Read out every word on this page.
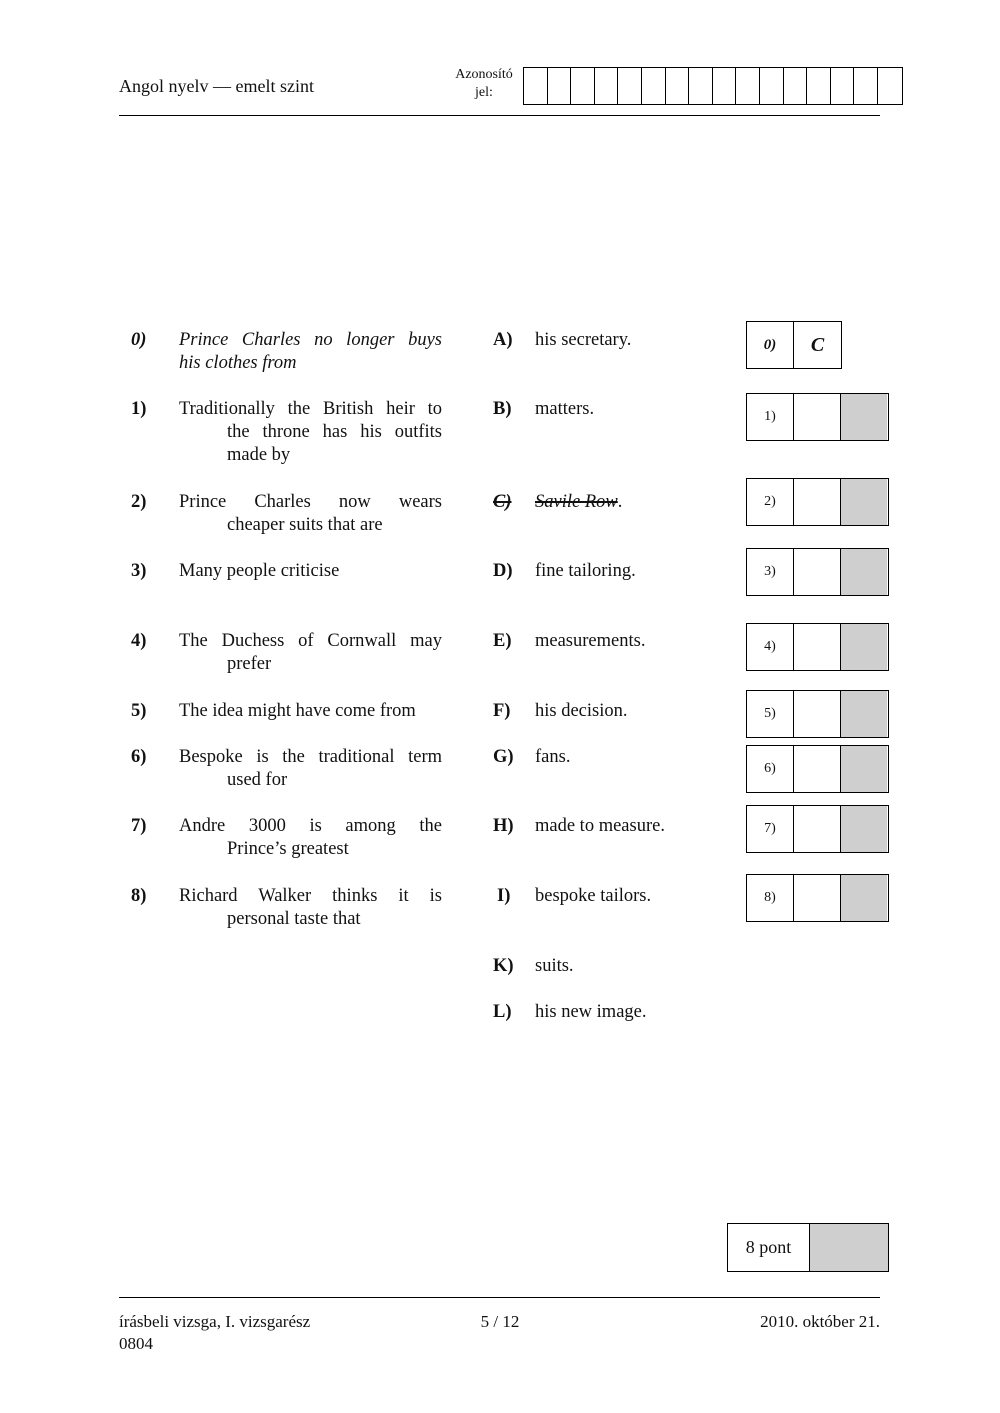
Angol nyelv — emelt szint
Azonosító
jel:
0)	Prince Charles no longer buys
his clothes from
1)	Traditionally the British heir to
the throne has his outfits
made by
2)	Prince Charles now wears
cheaper suits that are
3)	Many people criticise
4)	The Duchess of Cornwall may
prefer
5)	The idea might have come from
6)	Bespoke is the traditional term
used for
7)	Andre 3000 is among the
Prince’s greatest
8)	Richard Walker thinks it is
personal taste that
A)	his secretary.
B)	matters.
C)	Savile Row.
D)	fine tailoring.
E)	measurements.
F)	his decision.
G)	fans.
H)	made to measure.
I)	bespoke tailors.
K)	suits.
L)	his new image.
0)	C
1)
2)
3)
4)
5)
6)
7)
8)
8 pont
írásbeli vizsga, I. vizsgarész
0804
5 / 12	2010. október 21.
